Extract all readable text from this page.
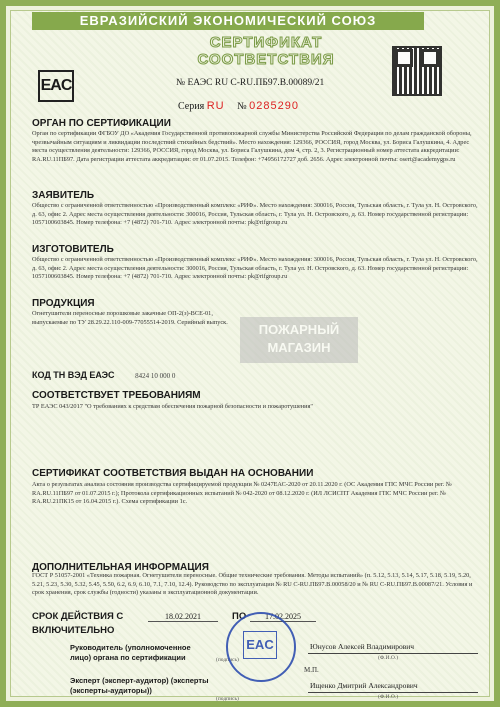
ЕВРАЗИЙСКИЙ ЭКОНОМИЧЕСКИЙ СОЮЗ
СЕРТИФИКАТ СООТВЕТСТВИЯ
EAC	№ ЕАЭС RU C-RU.ПБ97.В.00089/21
Серия RU № 0285290
ОРГАН ПО СЕРТИФИКАЦИИ
Орган по сертификации ФГБОУ ДО «Академия Государственной противопожарной службы Министерства Российской Федерации по делам гражданской обороны, чрезвычайным ситуациям и ликвидации последствий стихийных бедствий». Место нахождения: 129366, РОССИЯ, город Москва, ул. Бориса Галушкина, 4. Адрес места осуществления деятельности: 129366, РОССИЯ, город Москва, ул. Бориса Галушкина, дом 4, стр. 2, 3. Регистрационный номер аттестата аккредитации: RA.RU.11ПБ97. Дата регистрации аттестата аккредитации: от 01.07.2015. Телефон: +74956172727 доб. 2656. Адрес электронной почты: osert@academygps.ru
ЗАЯВИТЕЛЬ
Общество с ограниченной ответственностью «Производственный комплекс «РИФ». Место нахождения: 300016, Россия, Тульская область, г. Тула ул. Н. Островского, д. 63, офис 2. Адрес места осуществления деятельности: 300016, Россия, Тульская область, г. Тула ул. Н. Островского, д. 63. Номер государственной регистрации: 1057100603845. Номер телефона: +7 (4872) 701-710. Адрес электронной почты: pk@rifgroup.ru
ИЗГОТОВИТЕЛЬ
Общество с ограниченной ответственностью «Производственный комплекс «РИФ». Место нахождения: 300016, Россия, Тульская область, г. Тула ул. Н. Островского, д. 63, офис 2. Адрес места осуществления деятельности: 300016, Россия, Тульская область, г. Тула ул. Н. Островского, д. 63. Номер государственной регистрации: 1057100603845. Номер телефона: +7 (4872) 701-710. Адрес электронной почты: pk@rifgroup.ru
ПРОДУКЦИЯ
Огнетушители переносные порошковые закачные ОП-2(з)-ВСЕ-01, выпускаемые по ТУ 28.29.22.110-009-77055514-2019. Серийный выпуск.	ПОЖАРНЫЙ
МАГАЗИН
КОД ТН ВЭД ЕАЭС	8424 10 000 0
СООТВЕТСТВУЕТ ТРЕБОВАНИЯМ
ТР ЕАЭС 043/2017 "О требованиях к средствам обеспечения пожарной безопасности и пожаротушения"
СЕРТИФИКАТ СООТВЕТСТВИЯ ВЫДАН НА ОСНОВАНИИ
Акта о результатах анализа состояния производства сертифицируемой продукции № 0247ЕАС-2020 от 20.11.2020 г. (ОС Академия ГПС МЧС России рег. № RA.RU.11ПБ97 от 01.07.2015 г.); Протокола сертификационных испытаний № 042-2020 от 08.12.2020 г. (ИЛ ЛСИСПТ Академия ГПС МЧС России рег. № RA.RU.21ПК15 от 16.04.2015 г.). Схема сертификации 1с.
ДОПОЛНИТЕЛЬНАЯ ИНФОРМАЦИЯ
ГОСТ Р 51057-2001 «Техника пожарная. Огнетушители переносные. Общие технические требования. Методы испытаний» (п. 5.12, 5.13, 5.14, 5.17, 5.18, 5.19, 5.20, 5.21, 5.23, 5.30, 5.32, 5.45, 5.50, 6.2, 6.9, 6.10, 7.1, 7.10, 12.4). Руководство по эксплуатации № RU C-RU.ПБ97.В.00058/20 и № RU C-RU.ПБ97.В.00087/21. Условия и срок хранения, срок службы (годности) указаны в эксплуатационной документации.
СРОК ДЕЙСТВИЯ С	18.02.2021	ПО	17.02.2025
ВКЛЮЧИТЕЛЬНО
Руководитель (уполномоченное лицо) органа по сертификации
Юнусов Алексей Владимирович
(подпись)	(Ф.И.О.)
М.П.
Эксперт (эксперт-аудитор) (эксперты (эксперты-аудиторы))
Ищенко Дмитрий Александрович
(подпись)	(Ф.И.О.)
EAC
